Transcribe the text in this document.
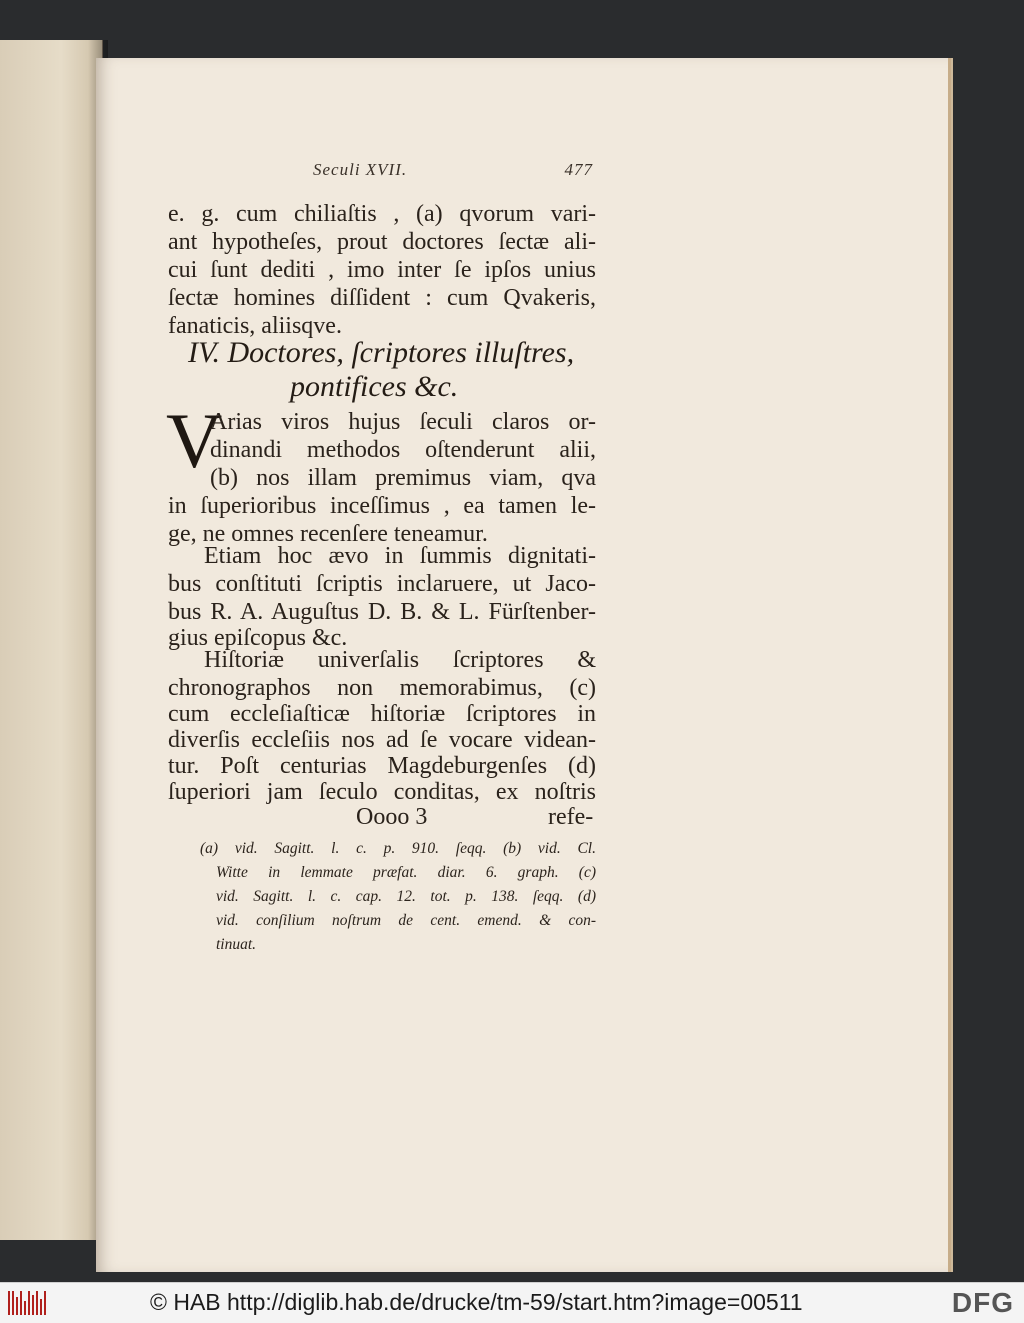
Seculi XVII.	477
e. g. cum chiliaſtis , (a) qvorum vari-
ant hypotheſes, prout doctores ſectæ ali-
cui ſunt dediti , imo inter ſe ipſos unius
ſectæ homines diſſident : cum Qvakeris,
fanaticis, aliisqve.
IV. Doctores, ſcriptores illuſtres,
pontifices &c.
V
Arias viros hujus ſeculi claros or-
dinandi methodos oſtenderunt alii,
(b) nos illam premimus viam, qva
in ſuperioribus inceſſimus , ea tamen le-
ge, ne omnes recenſere teneamur.
Etiam hoc ævo in ſummis dignitati-
bus conſtituti ſcriptis inclaruere, ut Jaco-
bus R. A. Auguſtus D. B. & L. Fürſtenber-
gius epiſcopus &c.
Hiſtoriæ univerſalis ſcriptores &
chronographos non memorabimus, (c)
cum eccleſiaſticæ hiſtoriæ ſcriptores in
diverſis eccleſiis nos ad ſe vocare videan-
tur. Poſt centurias Magdeburgenſes (d)
ſuperiori jam ſeculo conditas, ex noſtris
Oooo 3	refe-
(a) vid. Sagitt. l. c. p. 910. ſeqq. (b) vid. Cl.
Witte in lemmate præfat. diar. 6. graph. (c)
vid. Sagitt. l. c. cap. 12. tot. p. 138. ſeqq. (d)
vid. conſilium noſtrum de cent. emend. & con-
tinuat.
© HAB http://diglib.hab.de/drucke/tm-59/start.htm?image=00511	DFG
